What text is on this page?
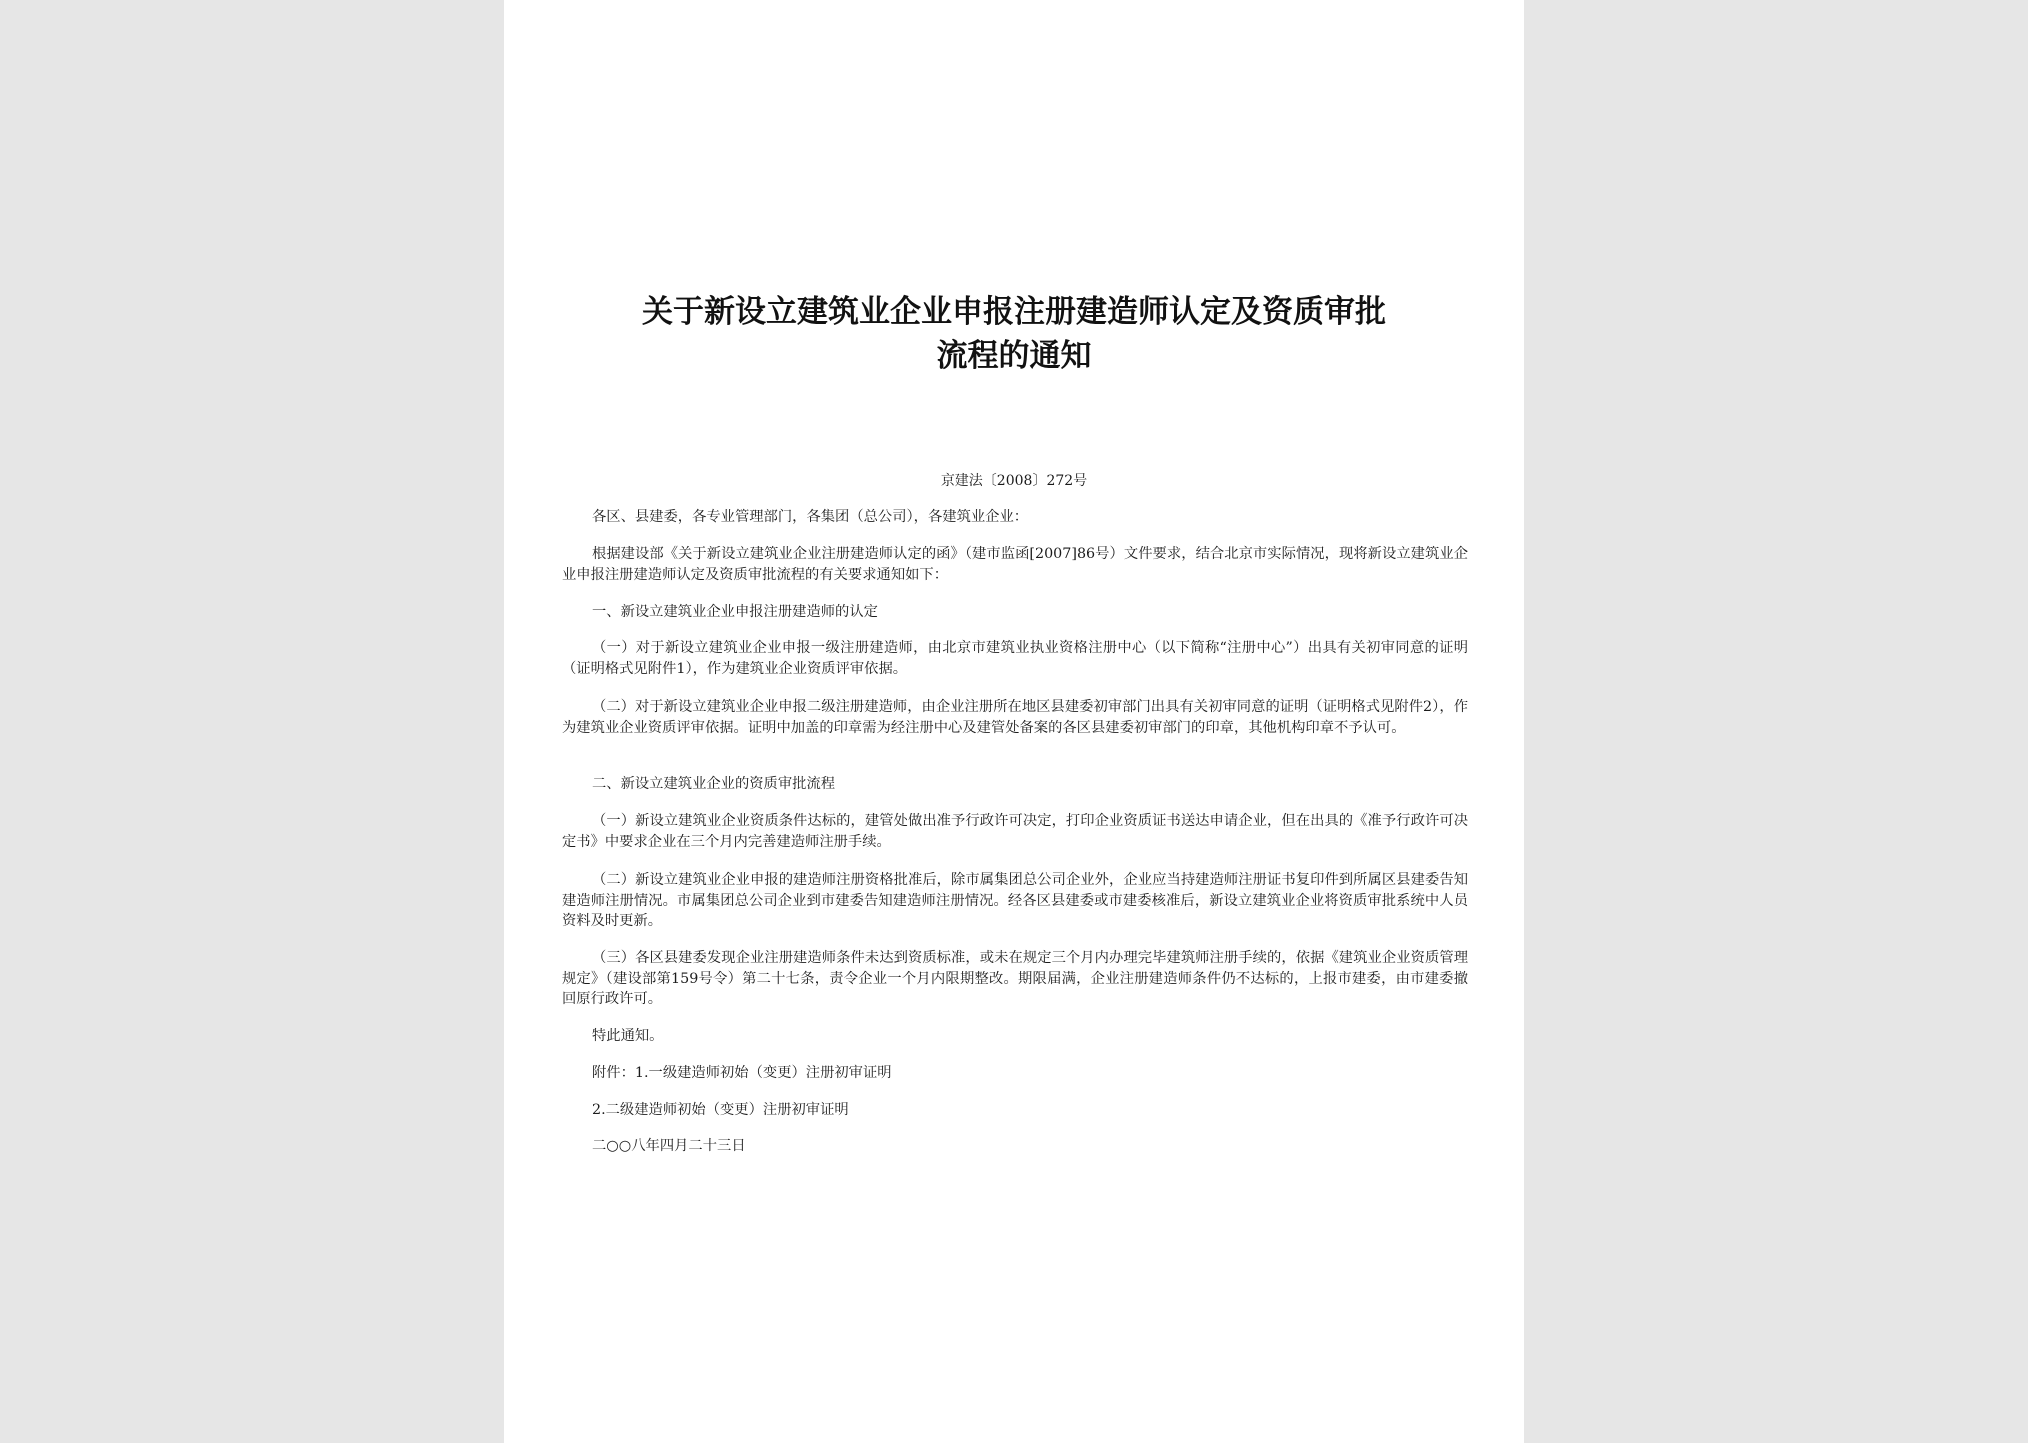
关于新设立建筑业企业申报注册建造师认定及资质审批
流程的通知
京建法〔2008〕272号

各区、县建委，各专业管理部门，各集团（总公司），各建筑业企业：

根据建设部《关于新设立建筑业企业注册建造师认定的函》（建市监函[2007]86号）文件要求，结合北京市实际情况，现将新设立建筑业企业申报注册建造师认定及资质审批流程的有关要求通知如下：

一、新设立建筑业企业申报注册建造师的认定

（一）对于新设立建筑业企业申报一级注册建造师，由北京市建筑业执业资格注册中心（以下简称“注册中心”）出具有关初审同意的证明（证明格式见附件1），作为建筑业企业资质评审依据。

（二）对于新设立建筑业企业申报二级注册建造师，由企业注册所在地区县建委初审部门出具有关初审同意的证明（证明格式见附件2），作为建筑业企业资质评审依据。证明中加盖的印章需为经注册中心及建管处备案的各区县建委初审部门的印章，其他机构印章不予认可。

二、新设立建筑业企业的资质审批流程

（一）新设立建筑业企业资质条件达标的，建管处做出准予行政许可决定，打印企业资质证书送达申请企业，但在出具的《准予行政许可决定书》中要求企业在三个月内完善建造师注册手续。

（二）新设立建筑业企业申报的建造师注册资格批准后，除市属集团总公司企业外，企业应当持建造师注册证书复印件到所属区县建委告知建造师注册情况。市属集团总公司企业到市建委告知建造师注册情况。经各区县建委或市建委核准后，新设立建筑业企业将资质审批系统中人员资料及时更新。

（三）各区县建委发现企业注册建造师条件未达到资质标准，或未在规定三个月内办理完毕建筑师注册手续的，依据《建筑业企业资质管理规定》（建设部第159号令）第二十七条，责令企业一个月内限期整改。期限届满，企业注册建造师条件仍不达标的，上报市建委，由市建委撤回原行政许可。

特此通知。

附件：1.一级建造师初始（变更）注册初审证明

2.二级建造师初始（变更）注册初审证明

二○○八年四月二十三日
